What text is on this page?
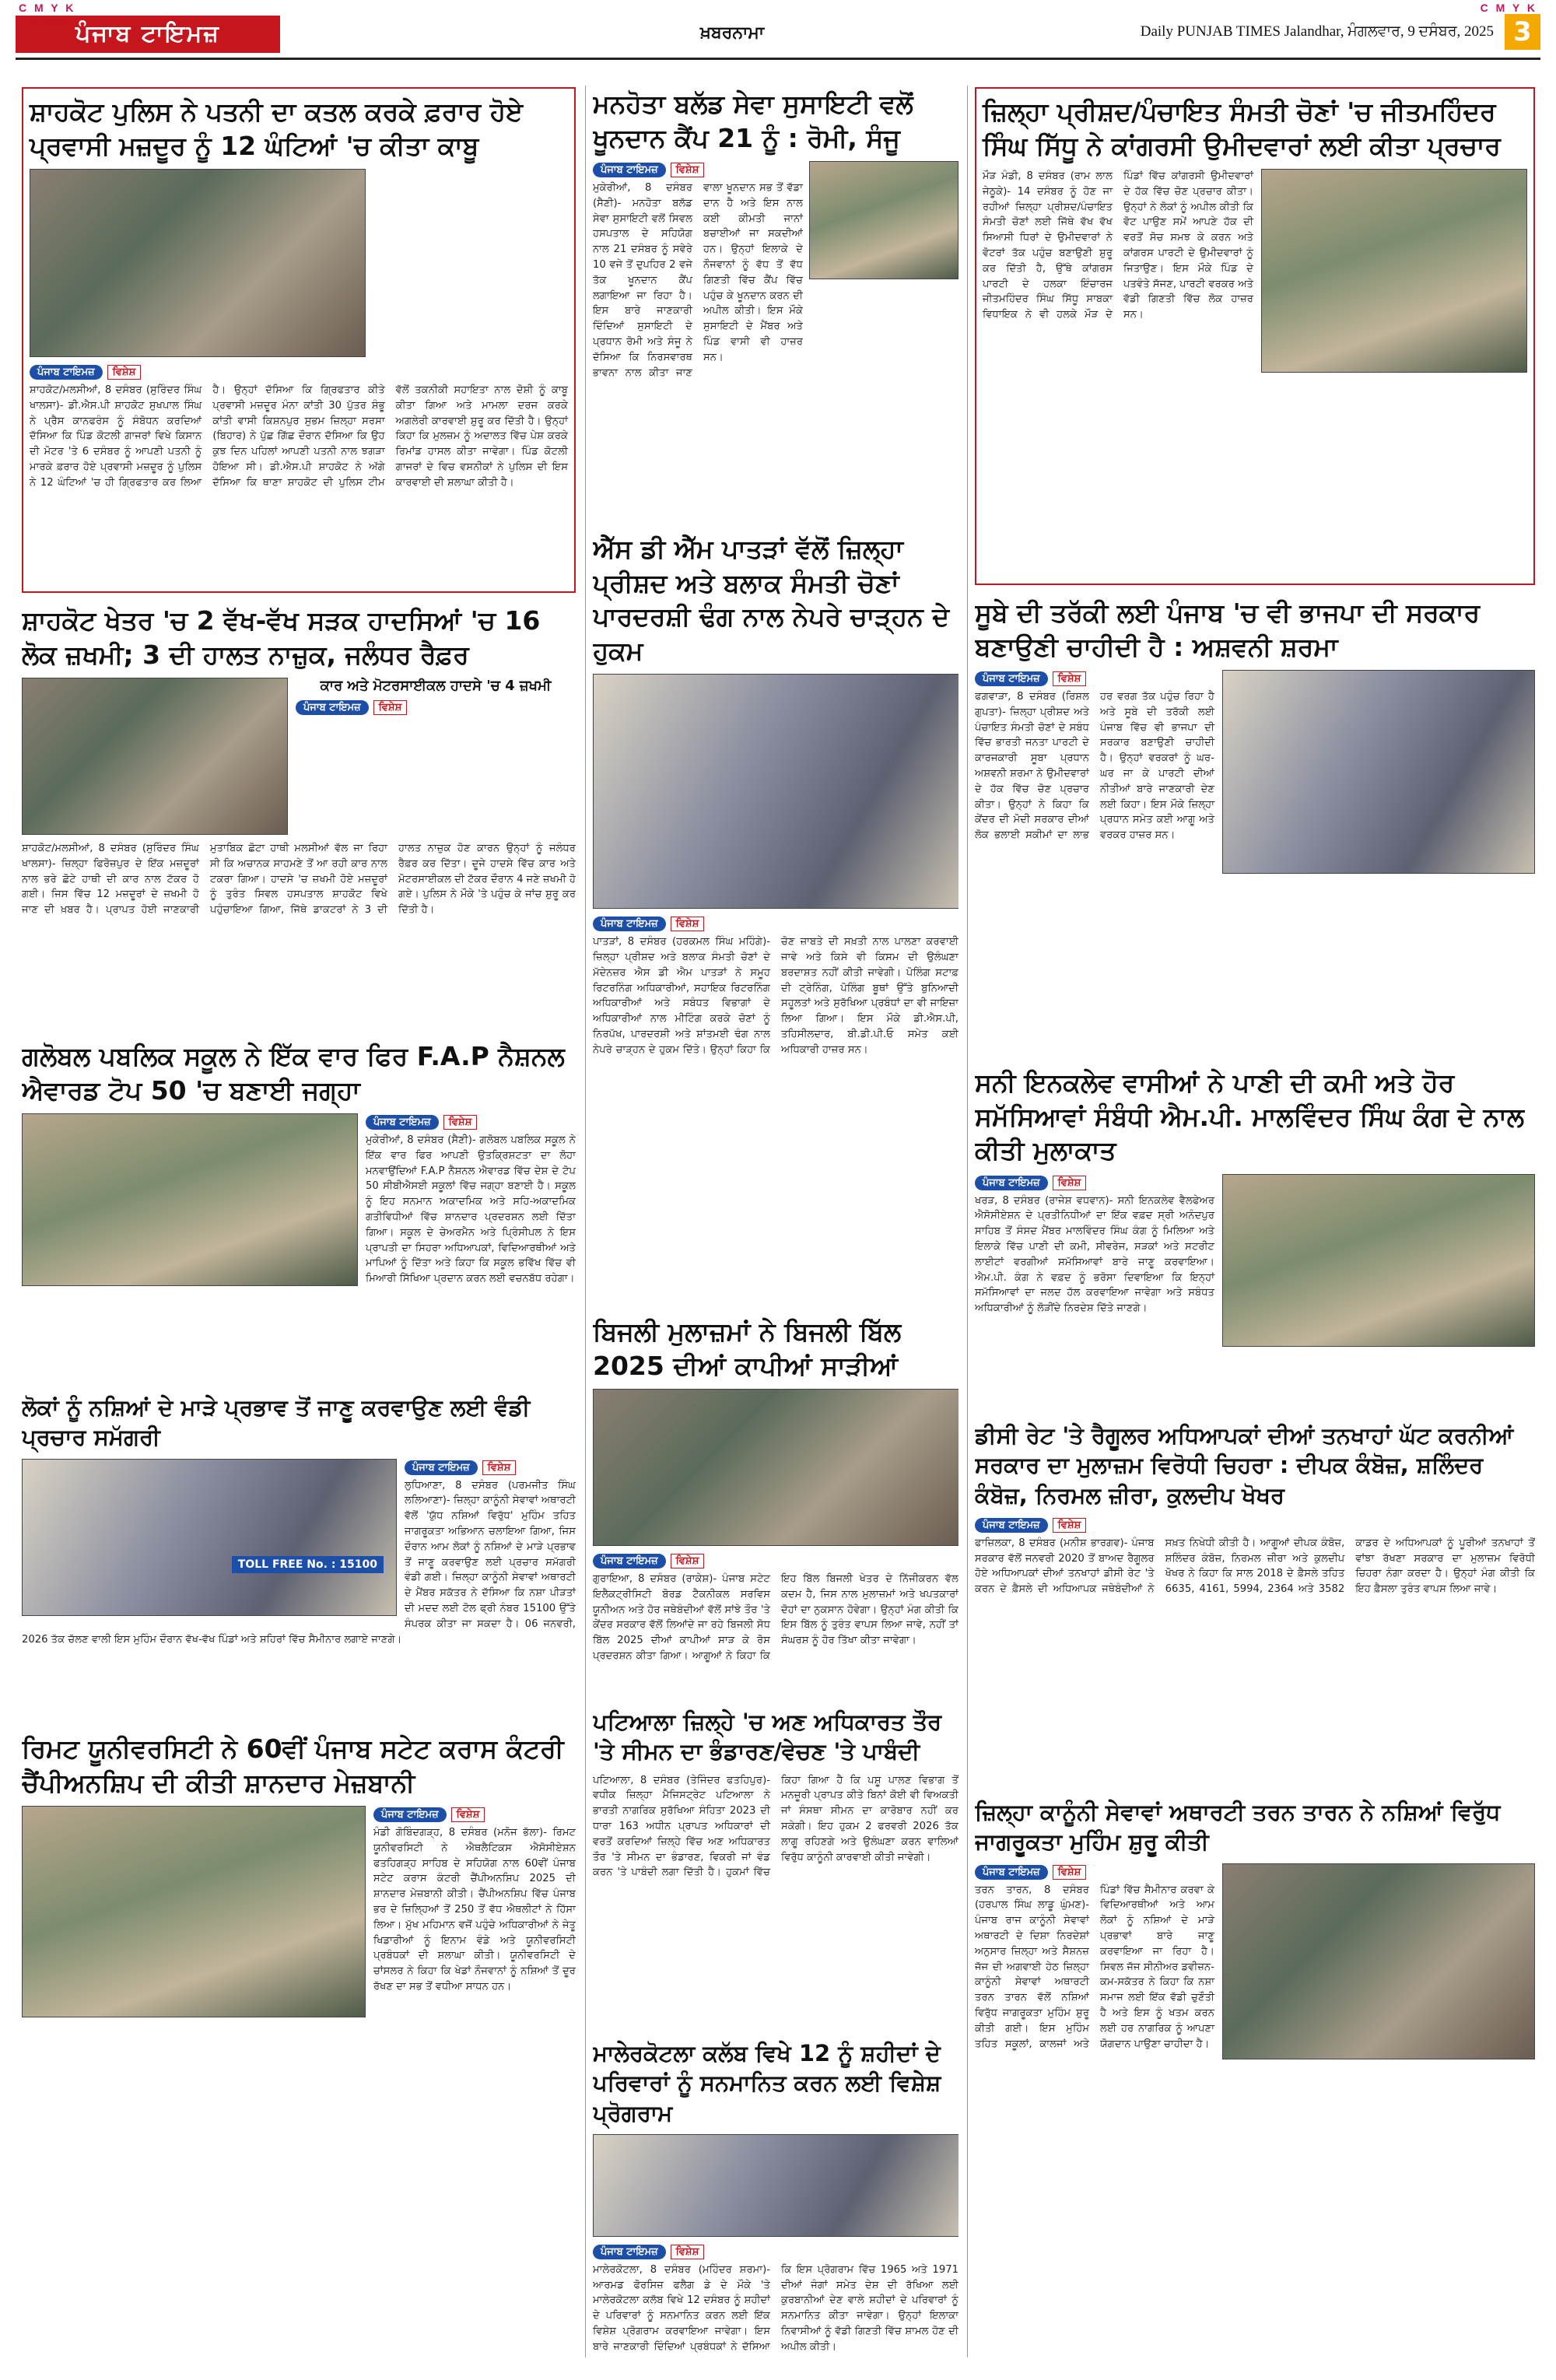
C M Y K	C M Y K
ਸਭ ਦਾ ਅਖਬਾਰ ਪੰਜਾਬ ਟਾਇਮਜ਼	ਖ਼ਬਰਨਾਮਾ	Daily PUNJAB TIMES Jalandhar, ਮੰਗਲਵਾਰ, 9 ਦਸੰਬਰ, 2025 3
ਸ਼ਾਹਕੋਟ ਪੁਲਿਸ ਨੇ ਪਤਨੀ ਦਾ ਕਤਲ ਕਰਕੇ ਫ਼ਰਾਰ ਹੋਏ ਪ੍ਰਵਾਸੀ ਮਜ਼ਦੂਰ ਨੂੰ 12 ਘੰਟਿਆਂ 'ਚ ਕੀਤਾ ਕਾਬੂ
ਪੰਜਾਬ ਟਾਇਮਜ਼ ਵਿਸ਼ੇਸ਼
ਸ਼ਾਹਕੋਟ/ਮਲਸੀਆਂ, 8 ਦਸੰਬਰ (ਸੁਰਿੰਦਰ ਸਿੰਘ ਖਾਲਸਾ)- ਡੀ.ਐਸ.ਪੀ ਸ਼ਾਹਕੋਟ ਸੁਖਪਾਲ ਸਿੰਘ ਨੇ ਪ੍ਰੈਸ ਕਾਨਫਰੰਸ ਨੂੰ ਸੰਬੋਧਨ ਕਰਦਿਆਂ ਦੱਸਿਆ ਕਿ ਪਿੰਡ ਕੋਟਲੀ ਗਾਜਰਾਂ ਵਿਖੇ ਕਿਸਾਨ ਦੀ ਮੋਟਰ 'ਤੇ 6 ਦਸੰਬਰ ਨੂੰ ਆਪਣੀ ਪਤਨੀ ਨੂੰ ਮਾਰਕੇ ਫ਼ਰਾਰ ਹੋਏ ਪ੍ਰਵਾਸੀ ਮਜ਼ਦੂਰ ਨੂੰ ਪੁਲਿਸ ਨੇ 12 ਘੰਟਿਆਂ 'ਚ ਹੀ ਗ੍ਰਿਫਤਾਰ ਕਰ ਲਿਆ ਹੈ। ਉਨ੍ਹਾਂ ਦੱਸਿਆ ਕਿ ਗ੍ਰਿਫਤਾਰ ਕੀਤੇ ਪ੍ਰਵਾਸੀ ਮਜ਼ਦੂਰ ਮੰਨਾ ਕਾਂਤੀ 30 ਪੁੱਤਰ ਸ਼ੰਭੂ ਕਾਂਤੀ ਵਾਸੀ ਕਿਸ਼ਨਪੁਰ ਸੁਭਮ ਜ਼ਿਲ੍ਹਾ ਸਰਸਾ (ਬਿਹਾਰ) ਨੇ ਪੁੱਛ ਗਿੱਛ ਦੌਰਾਨ ਦੱਸਿਆ ਕਿ ਉਹ ਕੁਝ ਦਿਨ ਪਹਿਲਾਂ ਆਪਣੀ ਪਤਨੀ ਨਾਲ ਝਗੜਾ ਹੋਇਆ ਸੀ। ਡੀ.ਐਸ.ਪੀ ਸ਼ਾਹਕੋਟ ਨੇ ਅੱਗੇ ਦੱਸਿਆ ਕਿ ਥਾਣਾ ਸ਼ਾਹਕੋਟ ਦੀ ਪੁਲਿਸ ਟੀਮ ਵੱਲੋਂ ਤਕਨੀਕੀ ਸਹਾਇਤਾ ਨਾਲ ਦੋਸ਼ੀ ਨੂੰ ਕਾਬੂ ਕੀਤਾ ਗਿਆ ਅਤੇ ਮਾਮਲਾ ਦਰਜ ਕਰਕੇ ਅਗਲੇਰੀ ਕਾਰਵਾਈ ਸ਼ੁਰੂ ਕਰ ਦਿੱਤੀ ਹੈ। ਉਨ੍ਹਾਂ ਕਿਹਾ ਕਿ ਮੁਲਜ਼ਮ ਨੂੰ ਅਦਾਲਤ ਵਿੱਚ ਪੇਸ਼ ਕਰਕੇ ਰਿਮਾਂਡ ਹਾਸਲ ਕੀਤਾ ਜਾਵੇਗਾ। ਪਿੰਡ ਕੋਟਲੀ ਗਾਜਰਾਂ ਦੇ ਵਿਚ ਵਸਨੀਕਾਂ ਨੇ ਪੁਲਿਸ ਦੀ ਇਸ ਕਾਰਵਾਈ ਦੀ ਸ਼ਲਾਘਾ ਕੀਤੀ ਹੈ।
ਮਨਹੋਤਾ ਬਲੱਡ ਸੇਵਾ ਸੁਸਾਇਟੀ ਵਲੋਂ ਖੂਨਦਾਨ ਕੈਂਪ 21 ਨੂੰ : ਰੋਮੀ, ਸੰਜੂ
ਪੰਜਾਬ ਟਾਇਮਜ਼ ਵਿਸ਼ੇਸ਼
ਮੁਕੇਰੀਆਂ, 8 ਦਸੰਬਰ (ਸੈਣੀ)- ਮਨਹੋਤਾ ਬਲੱਡ ਸੇਵਾ ਸੁਸਾਇਟੀ ਵਲੋਂ ਸਿਵਲ ਹਸਪਤਾਲ ਦੇ ਸਹਿਯੋਗ ਨਾਲ 21 ਦਸੰਬਰ ਨੂੰ ਸਵੇਰੇ 10 ਵਜੇ ਤੋਂ ਦੁਪਹਿਰ 2 ਵਜੇ ਤੱਕ ਖੂਨਦਾਨ ਕੈਂਪ ਲਗਾਇਆ ਜਾ ਰਿਹਾ ਹੈ। ਇਸ ਬਾਰੇ ਜਾਣਕਾਰੀ ਦਿੰਦਿਆਂ ਸੁਸਾਇਟੀ ਦੇ ਪ੍ਰਧਾਨ ਰੋਮੀ ਅਤੇ ਸੰਜੂ ਨੇ ਦੱਸਿਆ ਕਿ ਨਿਰਸਵਾਰਥ ਭਾਵਨਾ ਨਾਲ ਕੀਤਾ ਜਾਣ ਵਾਲਾ ਖੂਨਦਾਨ ਸਭ ਤੋਂ ਵੱਡਾ ਦਾਨ ਹੈ ਅਤੇ ਇਸ ਨਾਲ ਕਈ ਕੀਮਤੀ ਜਾਨਾਂ ਬਚਾਈਆਂ ਜਾ ਸਕਦੀਆਂ ਹਨ। ਉਨ੍ਹਾਂ ਇਲਾਕੇ ਦੇ ਨੌਜਵਾਨਾਂ ਨੂੰ ਵੱਧ ਤੋਂ ਵੱਧ ਗਿਣਤੀ ਵਿੱਚ ਕੈਂਪ ਵਿੱਚ ਪਹੁੰਚ ਕੇ ਖੂਨਦਾਨ ਕਰਨ ਦੀ ਅਪੀਲ ਕੀਤੀ। ਇਸ ਮੌਕੇ ਸੁਸਾਇਟੀ ਦੇ ਮੈਂਬਰ ਅਤੇ ਪਿੰਡ ਵਾਸੀ ਵੀ ਹਾਜ਼ਰ ਸਨ।
ਐੱਸ ਡੀ ਐੱਮ ਪਾਤੜਾਂ ਵੱਲੋਂ ਜ਼ਿਲ੍ਹਾ ਪ੍ਰੀਸ਼ਦ ਅਤੇ ਬਲਾਕ ਸੰਮਤੀ ਚੋਣਾਂ ਪਾਰਦਰਸ਼ੀ ਢੰਗ ਨਾਲ ਨੇਪਰੇ ਚਾੜ੍ਹਨ ਦੇ ਹੁਕਮ
ਪੰਜਾਬ ਟਾਇਮਜ਼ ਵਿਸ਼ੇਸ਼
ਪਾਤੜਾਂ, 8 ਦਸੰਬਰ (ਹਰਕਮਲ ਸਿੰਘ ਮਹਿੰਗੇ)- ਜ਼ਿਲ੍ਹਾ ਪ੍ਰੀਸ਼ਦ ਅਤੇ ਬਲਾਕ ਸੰਮਤੀ ਚੋਣਾਂ ਦੇ ਮੱਦੇਨਜ਼ਰ ਐਸ ਡੀ ਐਮ ਪਾਤੜਾਂ ਨੇ ਸਮੂਹ ਰਿਟਰਨਿੰਗ ਅਧਿਕਾਰੀਆਂ, ਸਹਾਇਕ ਰਿਟਰਨਿੰਗ ਅਧਿਕਾਰੀਆਂ ਅਤੇ ਸਬੰਧਤ ਵਿਭਾਗਾਂ ਦੇ ਅਧਿਕਾਰੀਆਂ ਨਾਲ ਮੀਟਿੰਗ ਕਰਕੇ ਚੋਣਾਂ ਨੂੰ ਨਿਰਪੱਖ, ਪਾਰਦਰਸ਼ੀ ਅਤੇ ਸ਼ਾਂਤਮਈ ਢੰਗ ਨਾਲ ਨੇਪਰੇ ਚਾੜ੍ਹਨ ਦੇ ਹੁਕਮ ਦਿੱਤੇ। ਉਨ੍ਹਾਂ ਕਿਹਾ ਕਿ ਚੋਣ ਜ਼ਾਬਤੇ ਦੀ ਸਖ਼ਤੀ ਨਾਲ ਪਾਲਣਾ ਕਰਵਾਈ ਜਾਵੇ ਅਤੇ ਕਿਸੇ ਵੀ ਕਿਸਮ ਦੀ ਉਲੰਘਣਾ ਬਰਦਾਸ਼ਤ ਨਹੀਂ ਕੀਤੀ ਜਾਵੇਗੀ। ਪੋਲਿੰਗ ਸਟਾਫ਼ ਦੀ ਟ੍ਰੇਨਿੰਗ, ਪੋਲਿੰਗ ਬੂਥਾਂ ਉੱਤੇ ਬੁਨਿਆਦੀ ਸਹੂਲਤਾਂ ਅਤੇ ਸੁਰੱਖਿਆ ਪ੍ਰਬੰਧਾਂ ਦਾ ਵੀ ਜਾਇਜ਼ਾ ਲਿਆ ਗਿਆ। ਇਸ ਮੌਕੇ ਡੀ.ਐਸ.ਪੀ, ਤਹਿਸੀਲਦਾਰ, ਬੀ.ਡੀ.ਪੀ.ਓ ਸਮੇਤ ਕਈ ਅਧਿਕਾਰੀ ਹਾਜ਼ਰ ਸਨ।
ਜ਼ਿਲ੍ਹਾ ਪ੍ਰੀਸ਼ਦ/ਪੰਚਾਇਤ ਸੰਮਤੀ ਚੋਣਾਂ 'ਚ ਜੀਤਮਹਿੰਦਰ ਸਿੰਘ ਸਿੱਧੂ ਨੇ ਕਾਂਗਰਸੀ ਉਮੀਦਵਾਰਾਂ ਲਈ ਕੀਤਾ ਪ੍ਰਚਾਰ
ਮੌੜ ਮੰਡੀ, 8 ਦਸੰਬਰ (ਰਾਮ ਲਾਲ ਜੇਠੂਕੇ)- 14 ਦਸੰਬਰ ਨੂੰ ਹੋਣ ਜਾ ਰਹੀਆਂ ਜ਼ਿਲ੍ਹਾ ਪ੍ਰੀਸ਼ਦ/ਪੰਚਾਇਤ ਸੰਮਤੀ ਚੋਣਾਂ ਲਈ ਜਿੱਥੇ ਵੱਖ ਵੱਖ ਸਿਆਸੀ ਧਿਰਾਂ ਦੇ ਉਮੀਦਵਾਰਾਂ ਨੇ ਵੋਟਰਾਂ ਤੱਕ ਪਹੁੰਚ ਬਣਾਉਣੀ ਸ਼ੁਰੂ ਕਰ ਦਿੱਤੀ ਹੈ, ਉੱਥੇ ਕਾਂਗਰਸ ਪਾਰਟੀ ਦੇ ਹਲਕਾ ਇੰਚਾਰਜ ਜੀਤਮਹਿੰਦਰ ਸਿੰਘ ਸਿੱਧੂ ਸਾਬਕਾ ਵਿਧਾਇਕ ਨੇ ਵੀ ਹਲਕੇ ਮੌੜ ਦੇ ਪਿੰਡਾਂ ਵਿੱਚ ਕਾਂਗਰਸੀ ਉਮੀਦਵਾਰਾਂ ਦੇ ਹੱਕ ਵਿੱਚ ਚੋਣ ਪ੍ਰਚਾਰ ਕੀਤਾ। ਉਨ੍ਹਾਂ ਨੇ ਲੋਕਾਂ ਨੂੰ ਅਪੀਲ ਕੀਤੀ ਕਿ ਵੋਟ ਪਾਉਣ ਸਮੇਂ ਆਪਣੇ ਹੱਕ ਦੀ ਵਰਤੋਂ ਸੋਚ ਸਮਝ ਕੇ ਕਰਨ ਅਤੇ ਕਾਂਗਰਸ ਪਾਰਟੀ ਦੇ ਉਮੀਦਵਾਰਾਂ ਨੂੰ ਜਿਤਾਉਣ। ਇਸ ਮੌਕੇ ਪਿੰਡ ਦੇ ਪਤਵੰਤੇ ਸੱਜਣ, ਪਾਰਟੀ ਵਰਕਰ ਅਤੇ ਵੱਡੀ ਗਿਣਤੀ ਵਿੱਚ ਲੋਕ ਹਾਜ਼ਰ ਸਨ।
ਸ਼ਾਹਕੋਟ ਖੇਤਰ 'ਚ 2 ਵੱਖ-ਵੱਖ ਸੜਕ ਹਾਦਸਿਆਂ 'ਚ 16 ਲੋਕ ਜ਼ਖਮੀ; 3 ਦੀ ਹਾਲਤ ਨਾਜ਼ੁਕ, ਜਲੰਧਰ ਰੈਫ਼ਰ
ਕਾਰ ਅਤੇ ਮੋਟਰਸਾਈਕਲ ਹਾਦਸੇ 'ਚ 4 ਜ਼ਖਮੀ
ਪੰਜਾਬ ਟਾਇਮਜ਼ ਵਿਸ਼ੇਸ਼
ਸ਼ਾਹਕੋਟ/ਮਲਸੀਆਂ, 8 ਦਸੰਬਰ (ਸੁਰਿੰਦਰ ਸਿੰਘ ਖਾਲਸਾ)- ਜ਼ਿਲ੍ਹਾ ਫਿਰੋਜ਼ਪੁਰ ਦੇ ਇੱਕ ਮਜ਼ਦੂਰਾਂ ਨਾਲ ਭਰੇ ਛੋਟੇ ਹਾਥੀ ਦੀ ਕਾਰ ਨਾਲ ਟੱਕਰ ਹੋ ਗਈ। ਜਿਸ ਵਿੱਚ 12 ਮਜ਼ਦੂਰਾਂ ਦੇ ਜ਼ਖਮੀ ਹੋ ਜਾਣ ਦੀ ਖ਼ਬਰ ਹੈ। ਪ੍ਰਾਪਤ ਹੋਈ ਜਾਣਕਾਰੀ ਮੁਤਾਬਿਕ ਛੋਟਾ ਹਾਥੀ ਮਲਸੀਆਂ ਵੱਲ ਜਾ ਰਿਹਾ ਸੀ ਕਿ ਅਚਾਨਕ ਸਾਹਮਣੇ ਤੋਂ ਆ ਰਹੀ ਕਾਰ ਨਾਲ ਟਕਰਾ ਗਿਆ। ਹਾਦਸੇ 'ਚ ਜ਼ਖਮੀ ਹੋਏ ਮਜ਼ਦੂਰਾਂ ਨੂੰ ਤੁਰੰਤ ਸਿਵਲ ਹਸਪਤਾਲ ਸ਼ਾਹਕੋਟ ਵਿਖੇ ਪਹੁੰਚਾਇਆ ਗਿਆ, ਜਿੱਥੇ ਡਾਕਟਰਾਂ ਨੇ 3 ਦੀ ਹਾਲਤ ਨਾਜ਼ੁਕ ਹੋਣ ਕਾਰਨ ਉਨ੍ਹਾਂ ਨੂੰ ਜਲੰਧਰ ਰੈਫ਼ਰ ਕਰ ਦਿੱਤਾ। ਦੂਜੇ ਹਾਦਸੇ ਵਿੱਚ ਕਾਰ ਅਤੇ ਮੋਟਰਸਾਈਕਲ ਦੀ ਟੱਕਰ ਦੌਰਾਨ 4 ਜਣੇ ਜ਼ਖਮੀ ਹੋ ਗਏ। ਪੁਲਿਸ ਨੇ ਮੌਕੇ 'ਤੇ ਪਹੁੰਚ ਕੇ ਜਾਂਚ ਸ਼ੁਰੂ ਕਰ ਦਿੱਤੀ ਹੈ।
ਸੂਬੇ ਦੀ ਤਰੱਕੀ ਲਈ ਪੰਜਾਬ 'ਚ ਵੀ ਭਾਜਪਾ ਦੀ ਸਰਕਾਰ ਬਣਾਉਣੀ ਚਾਹੀਦੀ ਹੈ : ਅਸ਼ਵਨੀ ਸ਼ਰਮਾ
ਪੰਜਾਬ ਟਾਇਮਜ਼ ਵਿਸ਼ੇਸ਼
ਫਗਵਾੜਾ, 8 ਦਸੰਬਰ (ਰਿਸ਼ਲ ਗੁਪਤਾ)- ਜ਼ਿਲ੍ਹਾ ਪ੍ਰੀਸ਼ਦ ਅਤੇ ਪੰਚਾਇਤ ਸੰਮਤੀ ਚੋਣਾਂ ਦੇ ਸਬੰਧ ਵਿੱਚ ਭਾਰਤੀ ਜਨਤਾ ਪਾਰਟੀ ਦੇ ਕਾਰਜਕਾਰੀ ਸੂਬਾ ਪ੍ਰਧਾਨ ਅਸ਼ਵਨੀ ਸ਼ਰਮਾ ਨੇ ਉਮੀਦਵਾਰਾਂ ਦੇ ਹੱਕ ਵਿੱਚ ਚੋਣ ਪ੍ਰਚਾਰ ਕੀਤਾ। ਉਨ੍ਹਾਂ ਨੇ ਕਿਹਾ ਕਿ ਕੇਂਦਰ ਦੀ ਮੋਦੀ ਸਰਕਾਰ ਦੀਆਂ ਲੋਕ ਭਲਾਈ ਸਕੀਮਾਂ ਦਾ ਲਾਭ ਹਰ ਵਰਗ ਤੱਕ ਪਹੁੰਚ ਰਿਹਾ ਹੈ ਅਤੇ ਸੂਬੇ ਦੀ ਤਰੱਕੀ ਲਈ ਪੰਜਾਬ ਵਿੱਚ ਵੀ ਭਾਜਪਾ ਦੀ ਸਰਕਾਰ ਬਣਾਉਣੀ ਚਾਹੀਦੀ ਹੈ। ਉਨ੍ਹਾਂ ਵਰਕਰਾਂ ਨੂੰ ਘਰ-ਘਰ ਜਾ ਕੇ ਪਾਰਟੀ ਦੀਆਂ ਨੀਤੀਆਂ ਬਾਰੇ ਜਾਣਕਾਰੀ ਦੇਣ ਲਈ ਕਿਹਾ। ਇਸ ਮੌਕੇ ਜ਼ਿਲ੍ਹਾ ਪ੍ਰਧਾਨ ਸਮੇਤ ਕਈ ਆਗੂ ਅਤੇ ਵਰਕਰ ਹਾਜ਼ਰ ਸਨ।
ਗਲੋਬਲ ਪਬਲਿਕ ਸਕੂਲ ਨੇ ਇੱਕ ਵਾਰ ਫਿਰ F.A.P ਨੈਸ਼ਨਲ ਐਵਾਰਡ ਟੋਪ 50 'ਚ ਬਣਾਈ ਜਗ੍ਹਾ
ਪੰਜਾਬ ਟਾਇਮਜ਼ ਵਿਸ਼ੇਸ਼
ਮੁਕੇਰੀਆਂ, 8 ਦਸੰਬਰ (ਸੈਣੀ)- ਗਲੋਬਲ ਪਬਲਿਕ ਸਕੂਲ ਨੇ ਇੱਕ ਵਾਰ ਫਿਰ ਆਪਣੀ ਉਤਕ੍ਰਿਸ਼ਟਤਾ ਦਾ ਲੋਹਾ ਮਨਵਾਉਂਦਿਆਂ F.A.P ਨੈਸ਼ਨਲ ਐਵਾਰਡ ਵਿੱਚ ਦੇਸ਼ ਦੇ ਟੋਪ 50 ਸੀਬੀਐਸਈ ਸਕੂਲਾਂ ਵਿੱਚ ਜਗ੍ਹਾ ਬਣਾਈ ਹੈ। ਸਕੂਲ ਨੂੰ ਇਹ ਸਨਮਾਨ ਅਕਾਦਮਿਕ ਅਤੇ ਸਹਿ-ਅਕਾਦਮਿਕ ਗਤੀਵਿਧੀਆਂ ਵਿੱਚ ਸ਼ਾਨਦਾਰ ਪ੍ਰਦਰਸ਼ਨ ਲਈ ਦਿੱਤਾ ਗਿਆ। ਸਕੂਲ ਦੇ ਚੇਅਰਮੈਨ ਅਤੇ ਪ੍ਰਿੰਸੀਪਲ ਨੇ ਇਸ ਪ੍ਰਾਪਤੀ ਦਾ ਸਿਹਰਾ ਅਧਿਆਪਕਾਂ, ਵਿਦਿਆਰਥੀਆਂ ਅਤੇ ਮਾਪਿਆਂ ਨੂੰ ਦਿੱਤਾ ਅਤੇ ਕਿਹਾ ਕਿ ਸਕੂਲ ਭਵਿੱਖ ਵਿੱਚ ਵੀ ਮਿਆਰੀ ਸਿੱਖਿਆ ਪ੍ਰਦਾਨ ਕਰਨ ਲਈ ਵਚਨਬੱਧ ਰਹੇਗਾ।
ਬਿਜਲੀ ਮੁਲਾਜ਼ਮਾਂ ਨੇ ਬਿਜਲੀ ਬਿੱਲ 2025 ਦੀਆਂ ਕਾਪੀਆਂ ਸਾੜੀਆਂ
ਪੰਜਾਬ ਟਾਇਮਜ਼ ਵਿਸ਼ੇਸ਼
ਗੁਰਾਇਆ, 8 ਦਸੰਬਰ (ਰਾਕੇਸ਼)- ਪੰਜਾਬ ਸਟੇਟ ਇਲੈਕਟ੍ਰੀਸਿਟੀ ਬੋਰਡ ਟੈਕਨੀਕਲ ਸਰਵਿਸ ਯੂਨੀਅਨ ਅਤੇ ਹੋਰ ਜਥੇਬੰਦੀਆਂ ਵੱਲੋਂ ਸਾਂਝੇ ਤੌਰ 'ਤੇ ਕੇਂਦਰ ਸਰਕਾਰ ਵੱਲੋਂ ਲਿਆਂਦੇ ਜਾ ਰਹੇ ਬਿਜਲੀ ਸੋਧ ਬਿੱਲ 2025 ਦੀਆਂ ਕਾਪੀਆਂ ਸਾੜ ਕੇ ਰੋਸ ਪ੍ਰਦਰਸ਼ਨ ਕੀਤਾ ਗਿਆ। ਆਗੂਆਂ ਨੇ ਕਿਹਾ ਕਿ ਇਹ ਬਿੱਲ ਬਿਜਲੀ ਖੇਤਰ ਦੇ ਨਿੱਜੀਕਰਨ ਵੱਲ ਕਦਮ ਹੈ, ਜਿਸ ਨਾਲ ਮੁਲਾਜ਼ਮਾਂ ਅਤੇ ਖਪਤਕਾਰਾਂ ਦੋਹਾਂ ਦਾ ਨੁਕਸਾਨ ਹੋਵੇਗਾ। ਉਨ੍ਹਾਂ ਮੰਗ ਕੀਤੀ ਕਿ ਇਸ ਬਿੱਲ ਨੂੰ ਤੁਰੰਤ ਵਾਪਸ ਲਿਆ ਜਾਵੇ, ਨਹੀਂ ਤਾਂ ਸੰਘਰਸ਼ ਨੂੰ ਹੋਰ ਤਿੱਖਾ ਕੀਤਾ ਜਾਵੇਗਾ।
ਸਨੀ ਇਨਕਲੇਵ ਵਾਸੀਆਂ ਨੇ ਪਾਣੀ ਦੀ ਕਮੀ ਅਤੇ ਹੋਰ ਸਮੱਸਿਆਵਾਂ ਸੰਬੰਧੀ ਐਮ.ਪੀ. ਮਾਲਵਿੰਦਰ ਸਿੰਘ ਕੰਗ ਦੇ ਨਾਲ ਕੀਤੀ ਮੁਲਾਕਾਤ
ਪੰਜਾਬ ਟਾਇਮਜ਼ ਵਿਸ਼ੇਸ਼
ਖਰੜ, 8 ਦਸੰਬਰ (ਰਾਜੇਸ਼ ਵਧਵਾਨ)- ਸਨੀ ਇਨਕਲੇਵ ਵੈਲਫੇਅਰ ਐਸੋਸੀਏਸ਼ਨ ਦੇ ਪ੍ਰਤੀਨਿਧੀਆਂ ਦਾ ਇੱਕ ਵਫ਼ਦ ਸ੍ਰੀ ਅਨੰਦਪੁਰ ਸਾਹਿਬ ਤੋਂ ਸੰਸਦ ਮੈਂਬਰ ਮਾਲਵਿੰਦਰ ਸਿੰਘ ਕੰਗ ਨੂੰ ਮਿਲਿਆ ਅਤੇ ਇਲਾਕੇ ਵਿੱਚ ਪਾਣੀ ਦੀ ਕਮੀ, ਸੀਵਰੇਜ, ਸੜਕਾਂ ਅਤੇ ਸਟਰੀਟ ਲਾਈਟਾਂ ਵਰਗੀਆਂ ਸਮੱਸਿਆਵਾਂ ਬਾਰੇ ਜਾਣੂ ਕਰਵਾਇਆ। ਐਮ.ਪੀ. ਕੰਗ ਨੇ ਵਫ਼ਦ ਨੂੰ ਭਰੋਸਾ ਦਿਵਾਇਆ ਕਿ ਇਨ੍ਹਾਂ ਸਮੱਸਿਆਵਾਂ ਦਾ ਜਲਦ ਹੱਲ ਕਰਵਾਇਆ ਜਾਵੇਗਾ ਅਤੇ ਸਬੰਧਤ ਅਧਿਕਾਰੀਆਂ ਨੂੰ ਲੋੜੀਂਦੇ ਨਿਰਦੇਸ਼ ਦਿੱਤੇ ਜਾਣਗੇ।
ਲੋਕਾਂ ਨੂੰ ਨਸ਼ਿਆਂ ਦੇ ਮਾੜੇ ਪ੍ਰਭਾਵ ਤੋਂ ਜਾਣੂ ਕਰਵਾਉਣ ਲਈ ਵੰਡੀ ਪ੍ਰਚਾਰ ਸਮੱਗਰੀ
TOLL FREE No. : 15100
ਪੰਜਾਬ ਟਾਇਮਜ਼ ਵਿਸ਼ੇਸ਼
ਲੁਧਿਆਣਾ, 8 ਦਸੰਬਰ (ਪਰਮਜੀਤ ਸਿੰਘ ਲਲਿਆਣਾ)- ਜ਼ਿਲ੍ਹਾ ਕਾਨੂੰਨੀ ਸੇਵਾਵਾਂ ਅਥਾਰਟੀ ਵੱਲੋਂ 'ਯੁੱਧ ਨਸ਼ਿਆਂ ਵਿਰੁੱਧ' ਮੁਹਿੰਮ ਤਹਿਤ ਜਾਗਰੂਕਤਾ ਅਭਿਆਨ ਚਲਾਇਆ ਗਿਆ, ਜਿਸ ਦੌਰਾਨ ਆਮ ਲੋਕਾਂ ਨੂੰ ਨਸ਼ਿਆਂ ਦੇ ਮਾੜੇ ਪ੍ਰਭਾਵ ਤੋਂ ਜਾਣੂ ਕਰਵਾਉਣ ਲਈ ਪ੍ਰਚਾਰ ਸਮੱਗਰੀ ਵੰਡੀ ਗਈ। ਜ਼ਿਲ੍ਹਾ ਕਾਨੂੰਨੀ ਸੇਵਾਵਾਂ ਅਥਾਰਟੀ ਦੇ ਮੈਂਬਰ ਸਕੱਤਰ ਨੇ ਦੱਸਿਆ ਕਿ ਨਸ਼ਾ ਪੀੜਤਾਂ ਦੀ ਮਦਦ ਲਈ ਟੋਲ ਫ੍ਰੀ ਨੰਬਰ 15100 ਉੱਤੇ ਸੰਪਰਕ ਕੀਤਾ ਜਾ ਸਕਦਾ ਹੈ। 06 ਜਨਵਰੀ, 2026 ਤੱਕ ਚੱਲਣ ਵਾਲੀ ਇਸ ਮੁਹਿੰਮ ਦੌਰਾਨ ਵੱਖ-ਵੱਖ ਪਿੰਡਾਂ ਅਤੇ ਸ਼ਹਿਰਾਂ ਵਿੱਚ ਸੈਮੀਨਾਰ ਲਗਾਏ ਜਾਣਗੇ।
ਪਟਿਆਲਾ ਜ਼ਿਲ੍ਹੇ 'ਚ ਅਣ ਅਧਿਕਾਰਤ ਤੌਰ 'ਤੇ ਸੀਮਨ ਦਾ ਭੰਡਾਰਣ/ਵੇਚਣ 'ਤੇ ਪਾਬੰਦੀ
ਪਟਿਆਲਾ, 8 ਦਸੰਬਰ (ਤੇਜਿੰਦਰ ਫਤਹਿਪੁਰ)- ਵਧੀਕ ਜ਼ਿਲ੍ਹਾ ਮੈਜਿਸਟ੍ਰੇਟ ਪਟਿਆਲਾ ਨੇ ਭਾਰਤੀ ਨਾਗਰਿਕ ਸੁਰੱਖਿਆ ਸੰਹਿਤਾ 2023 ਦੀ ਧਾਰਾ 163 ਅਧੀਨ ਪ੍ਰਾਪਤ ਅਧਿਕਾਰਾਂ ਦੀ ਵਰਤੋਂ ਕਰਦਿਆਂ ਜ਼ਿਲ੍ਹੇ ਵਿੱਚ ਅਣ ਅਧਿਕਾਰਤ ਤੌਰ 'ਤੇ ਸੀਮਨ ਦਾ ਭੰਡਾਰਣ, ਵਿਕਰੀ ਜਾਂ ਵੰਡ ਕਰਨ 'ਤੇ ਪਾਬੰਦੀ ਲਗਾ ਦਿੱਤੀ ਹੈ। ਹੁਕਮਾਂ ਵਿੱਚ ਕਿਹਾ ਗਿਆ ਹੈ ਕਿ ਪਸ਼ੂ ਪਾਲਣ ਵਿਭਾਗ ਤੋਂ ਮਨਜ਼ੂਰੀ ਪ੍ਰਾਪਤ ਕੀਤੇ ਬਿਨਾਂ ਕੋਈ ਵੀ ਵਿਅਕਤੀ ਜਾਂ ਸੰਸਥਾ ਸੀਮਨ ਦਾ ਕਾਰੋਬਾਰ ਨਹੀਂ ਕਰ ਸਕੇਗੀ। ਇਹ ਹੁਕਮ 2 ਫਰਵਰੀ 2026 ਤੱਕ ਲਾਗੂ ਰਹਿਣਗੇ ਅਤੇ ਉਲੰਘਣਾ ਕਰਨ ਵਾਲਿਆਂ ਵਿਰੁੱਧ ਕਾਨੂੰਨੀ ਕਾਰਵਾਈ ਕੀਤੀ ਜਾਵੇਗੀ।
ਡੀਸੀ ਰੇਟ 'ਤੇ ਰੈਗੂਲਰ ਅਧਿਆਪਕਾਂ ਦੀਆਂ ਤਨਖਾਹਾਂ ਘੱਟ ਕਰਨੀਆਂ ਸਰਕਾਰ ਦਾ ਮੁਲਾਜ਼ਮ ਵਿਰੋਧੀ ਚਿਹਰਾ : ਦੀਪਕ ਕੰਬੋਜ਼, ਸ਼ਲਿੰਦਰ ਕੰਬੋਜ਼, ਨਿਰਮਲ ਜ਼ੀਰਾ, ਕੁਲਦੀਪ ਖੋਖਰ
ਪੰਜਾਬ ਟਾਇਮਜ਼ ਵਿਸ਼ੇਸ਼
ਫਾਜ਼ਿਲਕਾ, 8 ਦਸੰਬਰ (ਮਨੀਸ਼ ਭਾਰਗਵ)- ਪੰਜਾਬ ਸਰਕਾਰ ਵੱਲੋਂ ਜਨਵਰੀ 2020 ਤੋਂ ਬਾਅਦ ਰੈਗੂਲਰ ਹੋਏ ਅਧਿਆਪਕਾਂ ਦੀਆਂ ਤਨਖਾਹਾਂ ਡੀਸੀ ਰੇਟ 'ਤੇ ਕਰਨ ਦੇ ਫ਼ੈਸਲੇ ਦੀ ਅਧਿਆਪਕ ਜਥੇਬੰਦੀਆਂ ਨੇ ਸਖ਼ਤ ਨਿਖੇਧੀ ਕੀਤੀ ਹੈ। ਆਗੂਆਂ ਦੀਪਕ ਕੰਬੋਜ਼, ਸ਼ਲਿੰਦਰ ਕੰਬੋਜ਼, ਨਿਰਮਲ ਜ਼ੀਰਾ ਅਤੇ ਕੁਲਦੀਪ ਖੋਖਰ ਨੇ ਕਿਹਾ ਕਿ ਸਾਲ 2018 ਦੇ ਫ਼ੈਸਲੇ ਤਹਿਤ 6635, 4161, 5994, 2364 ਅਤੇ 3582 ਕਾਡਰ ਦੇ ਅਧਿਆਪਕਾਂ ਨੂੰ ਪੂਰੀਆਂ ਤਨਖਾਹਾਂ ਤੋਂ ਵਾਂਝਾ ਰੱਖਣਾ ਸਰਕਾਰ ਦਾ ਮੁਲਾਜ਼ਮ ਵਿਰੋਧੀ ਚਿਹਰਾ ਨੰਗਾ ਕਰਦਾ ਹੈ। ਉਨ੍ਹਾਂ ਮੰਗ ਕੀਤੀ ਕਿ ਇਹ ਫ਼ੈਸਲਾ ਤੁਰੰਤ ਵਾਪਸ ਲਿਆ ਜਾਵੇ।
ਰਿਮਟ ਯੂਨੀਵਰਸਿਟੀ ਨੇ 60ਵੀਂ ਪੰਜਾਬ ਸਟੇਟ ਕਰਾਸ ਕੰਟਰੀ ਚੈਂਪੀਅਨਸ਼ਿਪ ਦੀ ਕੀਤੀ ਸ਼ਾਨਦਾਰ ਮੇਜ਼ਬਾਨੀ
ਪੰਜਾਬ ਟਾਇਮਜ਼ ਵਿਸ਼ੇਸ਼
ਮੰਡੀ ਗੋਬਿੰਦਗੜ੍ਹ, 8 ਦਸੰਬਰ (ਮਨੋਜ ਭੱਲਾ)- ਰਿਮਟ ਯੂਨੀਵਰਸਿਟੀ ਨੇ ਐਥਲੈਟਿਕਸ ਐਸੋਸੀਏਸ਼ਨ ਫਤਹਿਗੜ੍ਹ ਸਾਹਿਬ ਦੇ ਸਹਿਯੋਗ ਨਾਲ 60ਵੀਂ ਪੰਜਾਬ ਸਟੇਟ ਕਰਾਸ ਕੰਟਰੀ ਚੈਂਪੀਅਨਸ਼ਿਪ 2025 ਦੀ ਸ਼ਾਨਦਾਰ ਮੇਜ਼ਬਾਨੀ ਕੀਤੀ। ਚੈਂਪੀਅਨਸ਼ਿਪ ਵਿੱਚ ਪੰਜਾਬ ਭਰ ਦੇ ਜ਼ਿਲ੍ਹਿਆਂ ਤੋਂ 250 ਤੋਂ ਵੱਧ ਐਥਲੀਟਾਂ ਨੇ ਹਿੱਸਾ ਲਿਆ। ਮੁੱਖ ਮਹਿਮਾਨ ਵਜੋਂ ਪਹੁੰਚੇ ਅਧਿਕਾਰੀਆਂ ਨੇ ਜੇਤੂ ਖਿਡਾਰੀਆਂ ਨੂੰ ਇਨਾਮ ਵੰਡੇ ਅਤੇ ਯੂਨੀਵਰਸਿਟੀ ਪ੍ਰਬੰਧਕਾਂ ਦੀ ਸ਼ਲਾਘਾ ਕੀਤੀ। ਯੂਨੀਵਰਸਿਟੀ ਦੇ ਚਾਂਸਲਰ ਨੇ ਕਿਹਾ ਕਿ ਖੇਡਾਂ ਨੌਜਵਾਨਾਂ ਨੂੰ ਨਸ਼ਿਆਂ ਤੋਂ ਦੂਰ ਰੱਖਣ ਦਾ ਸਭ ਤੋਂ ਵਧੀਆ ਸਾਧਨ ਹਨ।
ਮਾਲੇਰਕੋਟਲਾ ਕਲੱਬ ਵਿਖੇ 12 ਨੂੰ ਸ਼ਹੀਦਾਂ ਦੇ ਪਰਿਵਾਰਾਂ ਨੂੰ ਸਨਮਾਨਿਤ ਕਰਨ ਲਈ ਵਿਸ਼ੇਸ਼ ਪ੍ਰੋਗਰਾਮ
ਪੰਜਾਬ ਟਾਇਮਜ਼ ਵਿਸ਼ੇਸ਼
ਮਾਲੇਰਕੋਟਲਾ, 8 ਦਸੰਬਰ (ਮਹਿੰਦਰ ਸ਼ਰਮਾ)- ਆਰਮਡ ਫੋਰਸਿਜ਼ ਫਲੈਗ ਡੇ ਦੇ ਮੌਕੇ 'ਤੇ ਮਾਲੇਰਕੋਟਲਾ ਕਲੱਬ ਵਿਖੇ 12 ਦਸੰਬਰ ਨੂੰ ਸ਼ਹੀਦਾਂ ਦੇ ਪਰਿਵਾਰਾਂ ਨੂੰ ਸਨਮਾਨਿਤ ਕਰਨ ਲਈ ਇੱਕ ਵਿਸ਼ੇਸ਼ ਪ੍ਰੋਗਰਾਮ ਕਰਵਾਇਆ ਜਾਵੇਗਾ। ਇਸ ਬਾਰੇ ਜਾਣਕਾਰੀ ਦਿੰਦਿਆਂ ਪ੍ਰਬੰਧਕਾਂ ਨੇ ਦੱਸਿਆ ਕਿ ਇਸ ਪ੍ਰੋਗਰਾਮ ਵਿੱਚ 1965 ਅਤੇ 1971 ਦੀਆਂ ਜੰਗਾਂ ਸਮੇਤ ਦੇਸ਼ ਦੀ ਰੱਖਿਆ ਲਈ ਕੁਰਬਾਨੀਆਂ ਦੇਣ ਵਾਲੇ ਸ਼ਹੀਦਾਂ ਦੇ ਪਰਿਵਾਰਾਂ ਨੂੰ ਸਨਮਾਨਿਤ ਕੀਤਾ ਜਾਵੇਗਾ। ਉਨ੍ਹਾਂ ਇਲਾਕਾ ਨਿਵਾਸੀਆਂ ਨੂੰ ਵੱਡੀ ਗਿਣਤੀ ਵਿੱਚ ਸ਼ਾਮਲ ਹੋਣ ਦੀ ਅਪੀਲ ਕੀਤੀ।
ਜ਼ਿਲ੍ਹਾ ਕਾਨੂੰਨੀ ਸੇਵਾਵਾਂ ਅਥਾਰਟੀ ਤਰਨ ਤਾਰਨ ਨੇ ਨਸ਼ਿਆਂ ਵਿਰੁੱਧ ਜਾਗਰੂਕਤਾ ਮੁਹਿੰਮ ਸ਼ੁਰੂ ਕੀਤੀ
ਪੰਜਾਬ ਟਾਇਮਜ਼ ਵਿਸ਼ੇਸ਼
ਤਰਨ ਤਾਰਨ, 8 ਦਸੰਬਰ (ਹਰਪਾਲ ਸਿੰਘ ਲਾਡੂ ਘੁੰਮਣ)- ਪੰਜਾਬ ਰਾਜ ਕਾਨੂੰਨੀ ਸੇਵਾਵਾਂ ਅਥਾਰਟੀ ਦੇ ਦਿਸ਼ਾ ਨਿਰਦੇਸ਼ਾਂ ਅਨੁਸਾਰ ਜ਼ਿਲ੍ਹਾ ਅਤੇ ਸੈਸ਼ਨਜ਼ ਜੱਜ ਦੀ ਅਗਵਾਈ ਹੇਠ ਜ਼ਿਲ੍ਹਾ ਕਾਨੂੰਨੀ ਸੇਵਾਵਾਂ ਅਥਾਰਟੀ ਤਰਨ ਤਾਰਨ ਵੱਲੋਂ ਨਸ਼ਿਆਂ ਵਿਰੁੱਧ ਜਾਗਰੂਕਤਾ ਮੁਹਿੰਮ ਸ਼ੁਰੂ ਕੀਤੀ ਗਈ। ਇਸ ਮੁਹਿੰਮ ਤਹਿਤ ਸਕੂਲਾਂ, ਕਾਲਜਾਂ ਅਤੇ ਪਿੰਡਾਂ ਵਿੱਚ ਸੈਮੀਨਾਰ ਕਰਵਾ ਕੇ ਵਿਦਿਆਰਥੀਆਂ ਅਤੇ ਆਮ ਲੋਕਾਂ ਨੂੰ ਨਸ਼ਿਆਂ ਦੇ ਮਾੜੇ ਪ੍ਰਭਾਵਾਂ ਬਾਰੇ ਜਾਣੂ ਕਰਵਾਇਆ ਜਾ ਰਿਹਾ ਹੈ। ਸਿਵਲ ਜੱਜ ਸੀਨੀਅਰ ਡਵੀਜ਼ਨ-ਕਮ-ਸਕੱਤਰ ਨੇ ਕਿਹਾ ਕਿ ਨਸ਼ਾ ਸਮਾਜ ਲਈ ਇੱਕ ਵੱਡੀ ਚੁਣੌਤੀ ਹੈ ਅਤੇ ਇਸ ਨੂੰ ਖਤਮ ਕਰਨ ਲਈ ਹਰ ਨਾਗਰਿਕ ਨੂੰ ਆਪਣਾ ਯੋਗਦਾਨ ਪਾਉਣਾ ਚਾਹੀਦਾ ਹੈ।
